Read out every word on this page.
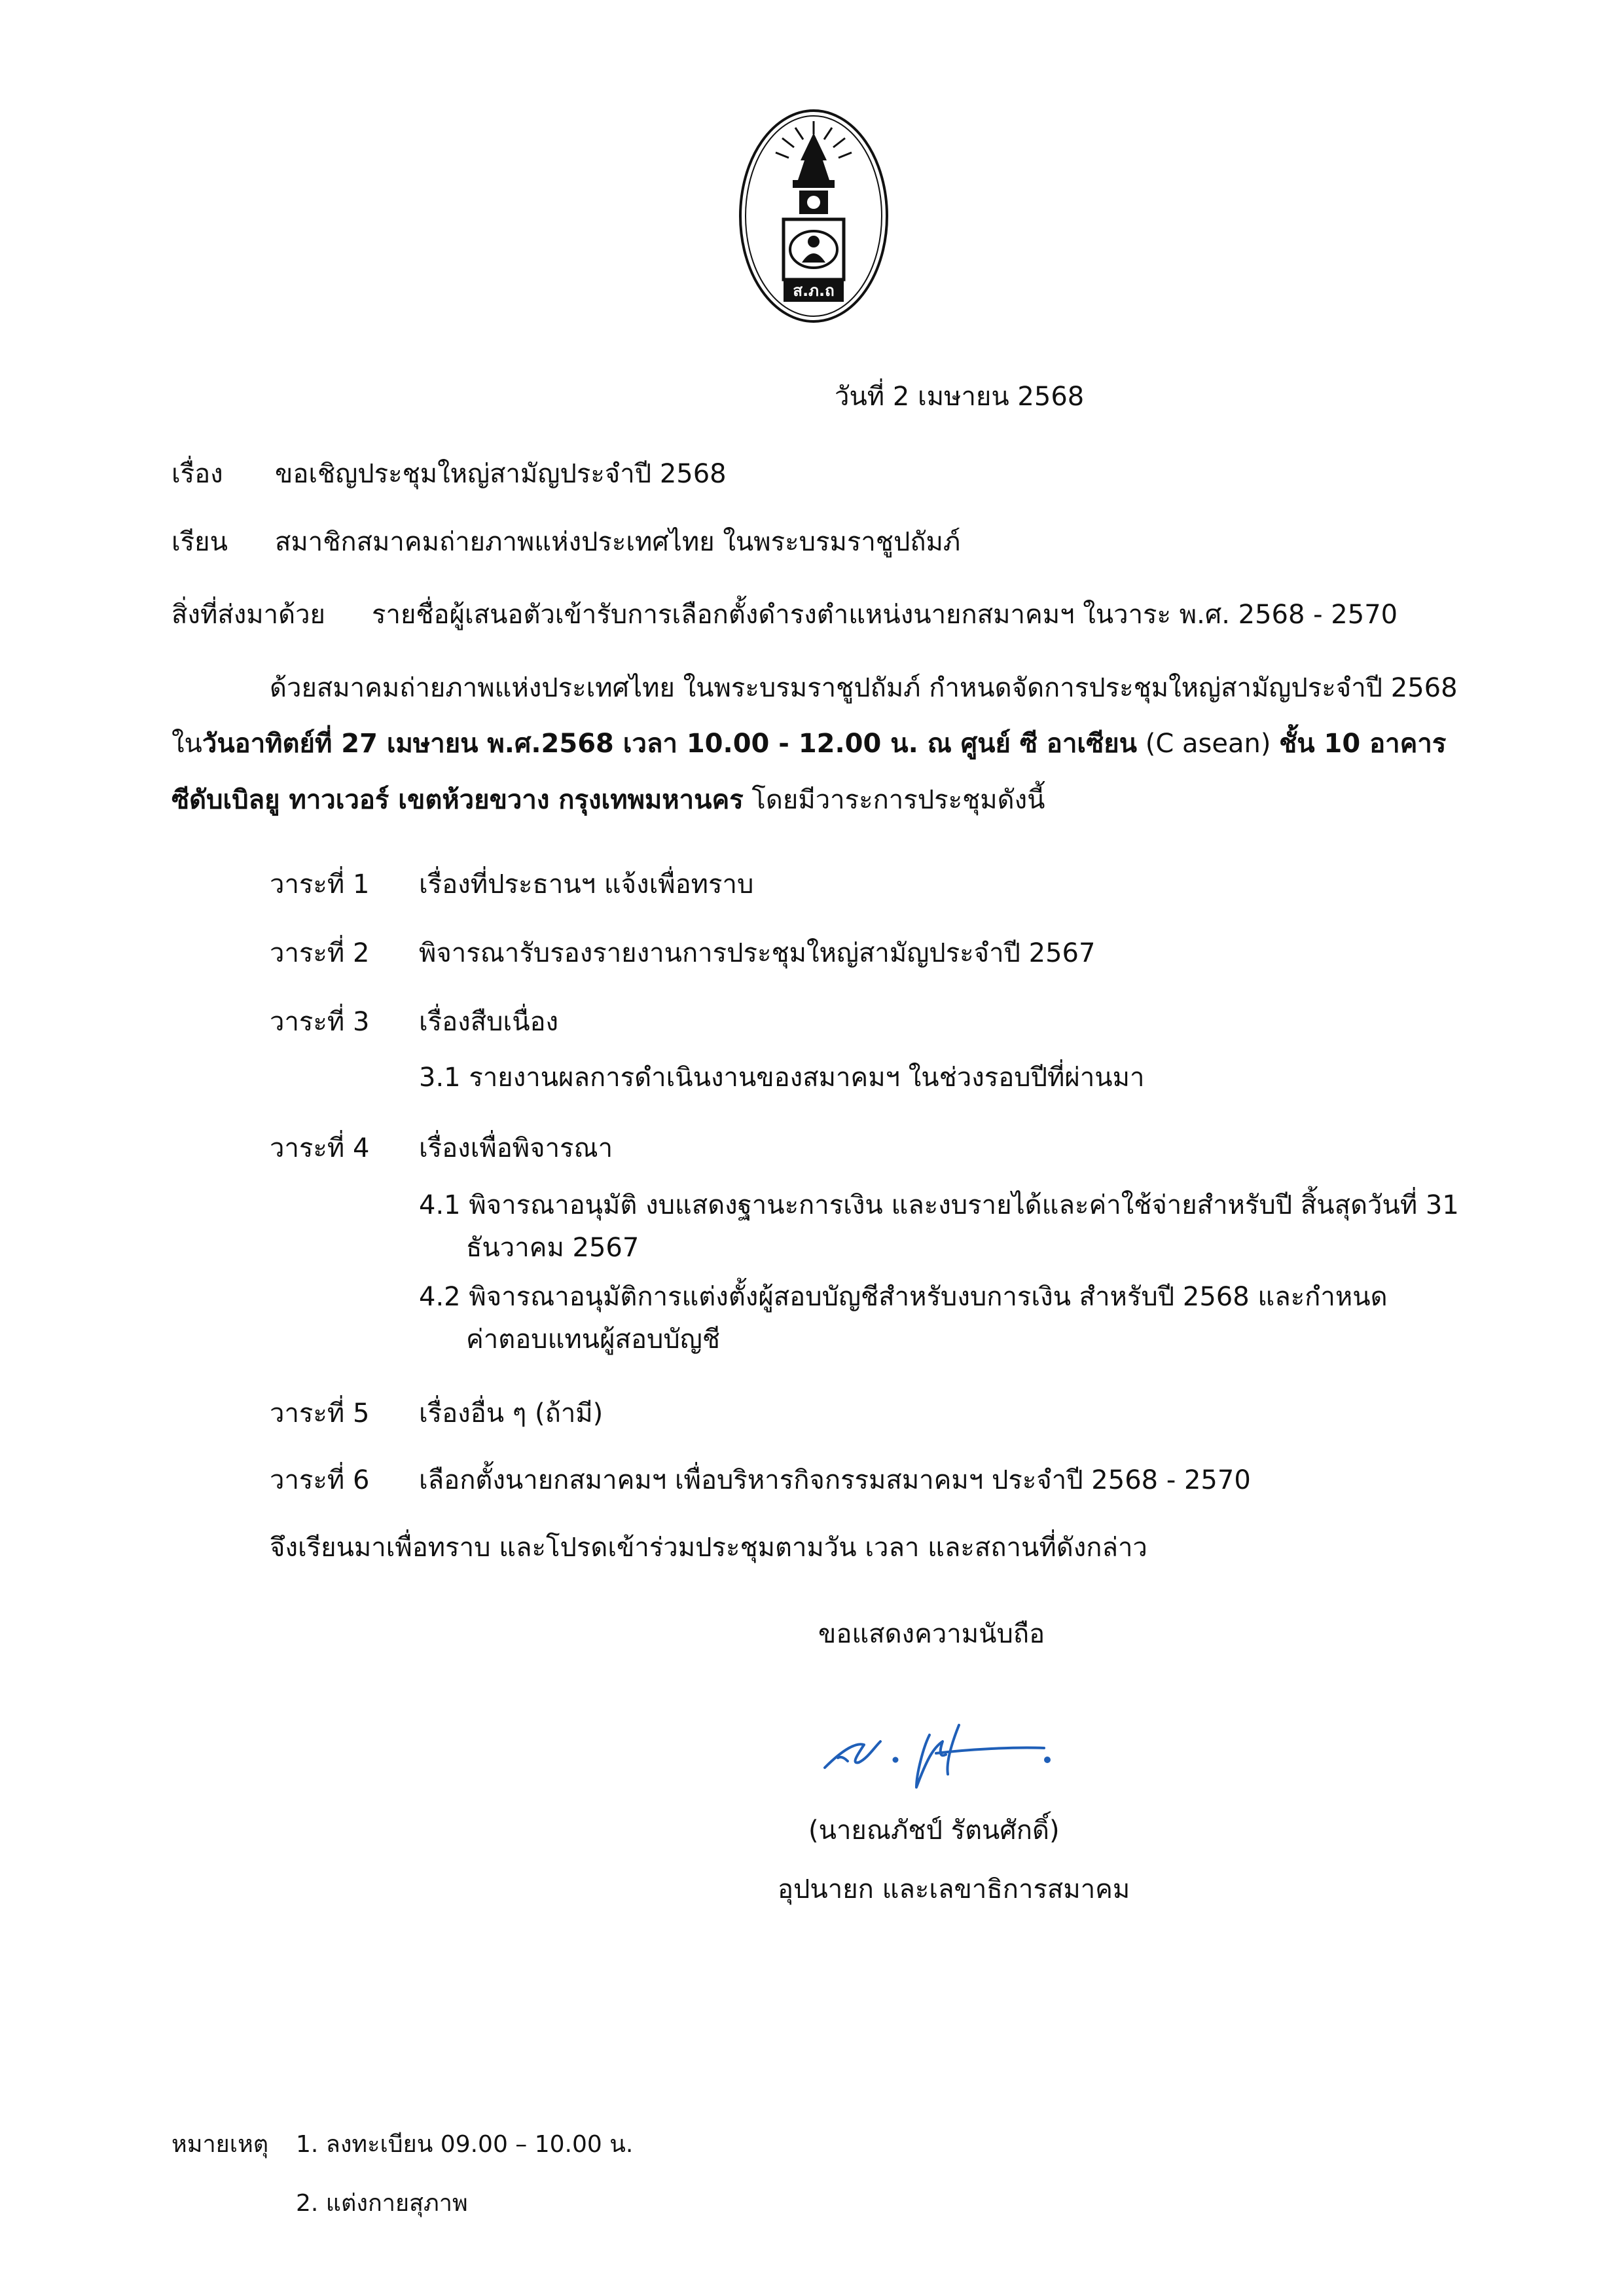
ส.ภ.ถ
วันที่ 2 เมษายน 2568
เรื่อง ขอเชิญประชุมใหญ่สามัญประจำปี 2568
เรียน สมาชิกสมาคมถ่ายภาพแห่งประเทศไทย ในพระบรมราชูปถัมภ์
สิ่งที่ส่งมาด้วย รายชื่อผู้เสนอตัวเข้ารับการเลือกตั้งดำรงตำแหน่งนายกสมาคมฯ ในวาระ พ.ศ. 2568 - 2570
ด้วยสมาคมถ่ายภาพแห่งประเทศไทย ในพระบรมราชูปถัมภ์ กำหนดจัดการประชุมใหญ่สามัญประจำปี 2568
ในวันอาทิตย์ที่ 27 เมษายน พ.ศ.2568 เวลา 10.00 - 12.00 น. ณ ศูนย์ ซี อาเซียน (C asean) ชั้น 10 อาคาร
ซีดับเบิลยู ทาวเวอร์ เขตห้วยขวาง กรุงเทพมหานคร โดยมีวาระการประชุมดังนี้
วาระที่ 1 เรื่องที่ประธานฯ แจ้งเพื่อทราบ
วาระที่ 2 พิจารณารับรองรายงานการประชุมใหญ่สามัญประจำปี 2567
วาระที่ 3 เรื่องสืบเนื่อง
3.1 รายงานผลการดำเนินงานของสมาคมฯ ในช่วงรอบปีที่ผ่านมา
วาระที่ 4 เรื่องเพื่อพิจารณา
4.1 พิจารณาอนุมัติ งบแสดงฐานะการเงิน และงบรายได้และค่าใช้จ่ายสำหรับปี สิ้นสุดวันที่ 31
ธันวาคม 2567
4.2 พิจารณาอนุมัติการแต่งตั้งผู้สอบบัญชีสำหรับงบการเงิน สำหรับปี 2568 และกำหนด
ค่าตอบแทนผู้สอบบัญชี
วาระที่ 5 เรื่องอื่น ๆ (ถ้ามี)
วาระที่ 6 เลือกตั้งนายกสมาคมฯ เพื่อบริหารกิจกรรมสมาคมฯ ประจำปี 2568 - 2570
จึงเรียนมาเพื่อทราบ และโปรดเข้าร่วมประชุมตามวัน เวลา และสถานที่ดังกล่าว
ขอแสดงความนับถือ
(นายณภัชป์ รัตนศักดิ์)
อุปนายก และเลขาธิการสมาคม
หมายเหตุ 1. ลงทะเบียน 09.00 – 10.00 น.
2. แต่งกายสุภาพ
